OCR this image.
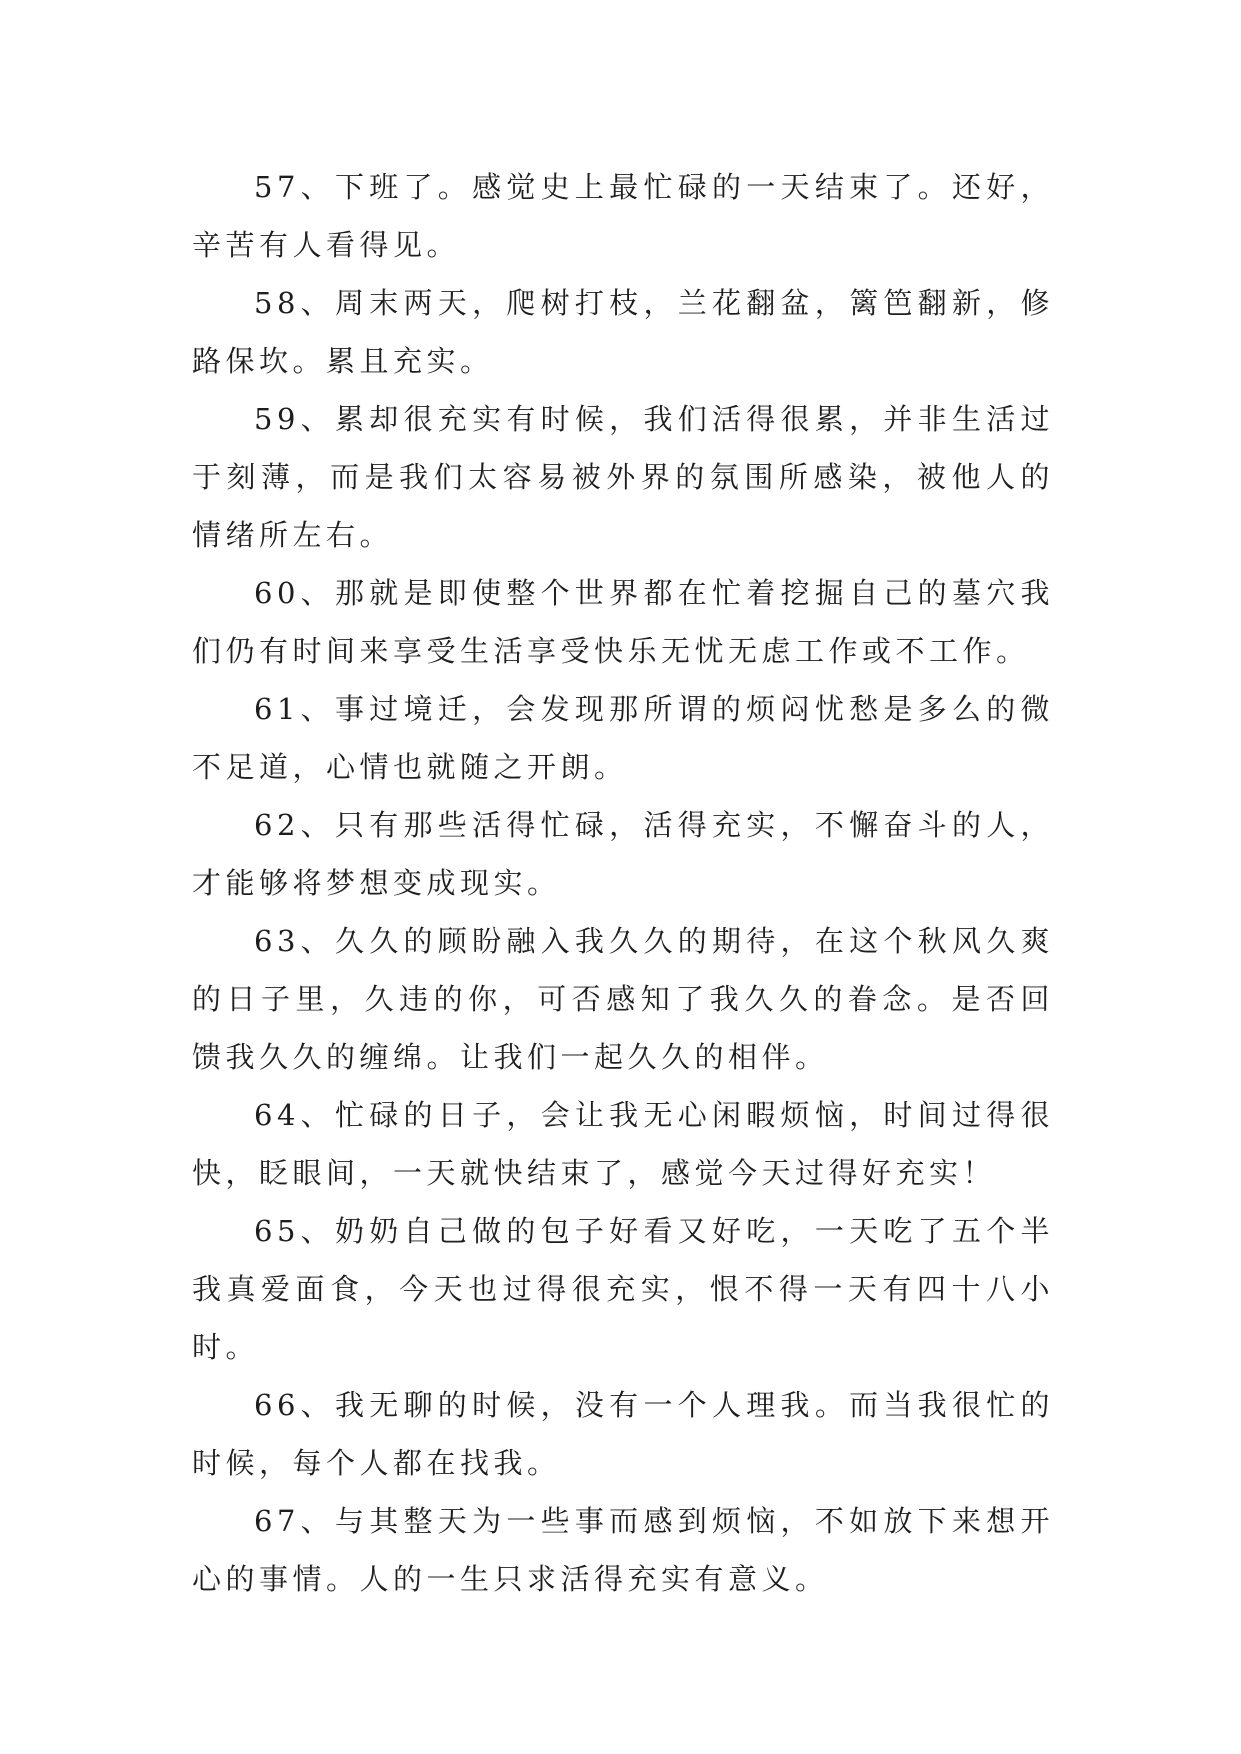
57、下班了。感觉史上最忙碌的一天结束了。还好，辛苦有人看得见。

58、周末两天，爬树打枝，兰花翻盆，篱笆翻新，修路保坎。累且充实。

59、累却很充实有时候，我们活得很累，并非生活过于刻薄，而是我们太容易被外界的氛围所感染，被他人的情绪所左右。

60、那就是即使整个世界都在忙着挖掘自己的墓穴我们仍有时间来享受生活享受快乐无忧无虑工作或不工作。

61、事过境迁，会发现那所谓的烦闷忧愁是多么的微不足道，心情也就随之开朗。

62、只有那些活得忙碌，活得充实，不懈奋斗的人，才能够将梦想变成现实。

63、久久的顾盼融入我久久的期待，在这个秋风久爽的日子里，久违的你，可否感知了我久久的眷念。是否回馈我久久的缠绵。让我们一起久久的相伴。

64、忙碌的日子，会让我无心闲暇烦恼，时间过得很快，眨眼间，一天就快结束了，感觉今天过得好充实！

65、奶奶自己做的包子好看又好吃，一天吃了五个半我真爱面食，今天也过得很充实，恨不得一天有四十八小时。

66、我无聊的时候，没有一个人理我。而当我很忙的时候，每个人都在找我。

67、与其整天为一些事而感到烦恼，不如放下来想开心的事情。人的一生只求活得充实有意义。
